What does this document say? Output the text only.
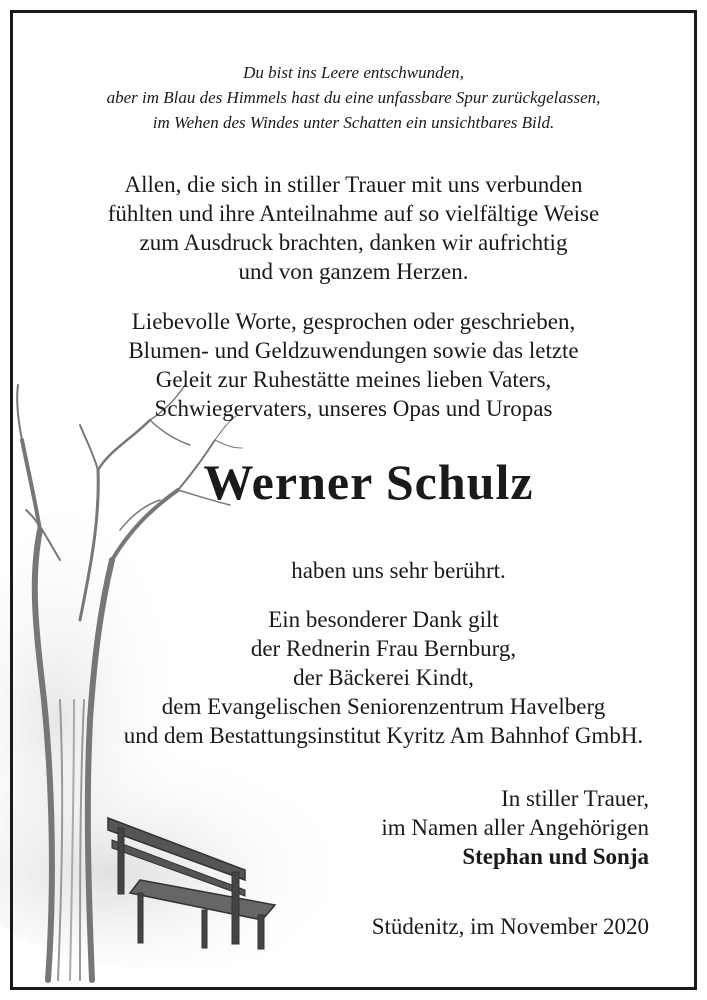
Du bist ins Leere entschwunden,
aber im Blau des Himmels hast du eine unfassbare Spur zurückgelassen,
im Wehen des Windes unter Schatten ein unsichtbares Bild.
Allen, die sich in stiller Trauer mit uns verbunden
fühlten und ihre Anteilnahme auf so vielfältige Weise
zum Ausdruck brachten, danken wir aufrichtig
und von ganzem Herzen.
Liebevolle Worte, gesprochen oder geschrieben,
Blumen- und Geldzuwendungen sowie das letzte
Geleit zur Ruhestätte meines lieben Vaters,
Schwiegervaters, unseres Opas und Uropas
Werner Schulz
haben uns sehr berührt.
Ein besonderer Dank gilt
der Rednerin Frau Bernburg,
der Bäckerei Kindt,
dem Evangelischen Seniorenzentrum Havelberg
und dem Bestattungsinstitut Kyritz Am Bahnhof GmbH.
In stiller Trauer,
im Namen aller Angehörigen
Stephan und Sonja
Stüdenitz, im November 2020
